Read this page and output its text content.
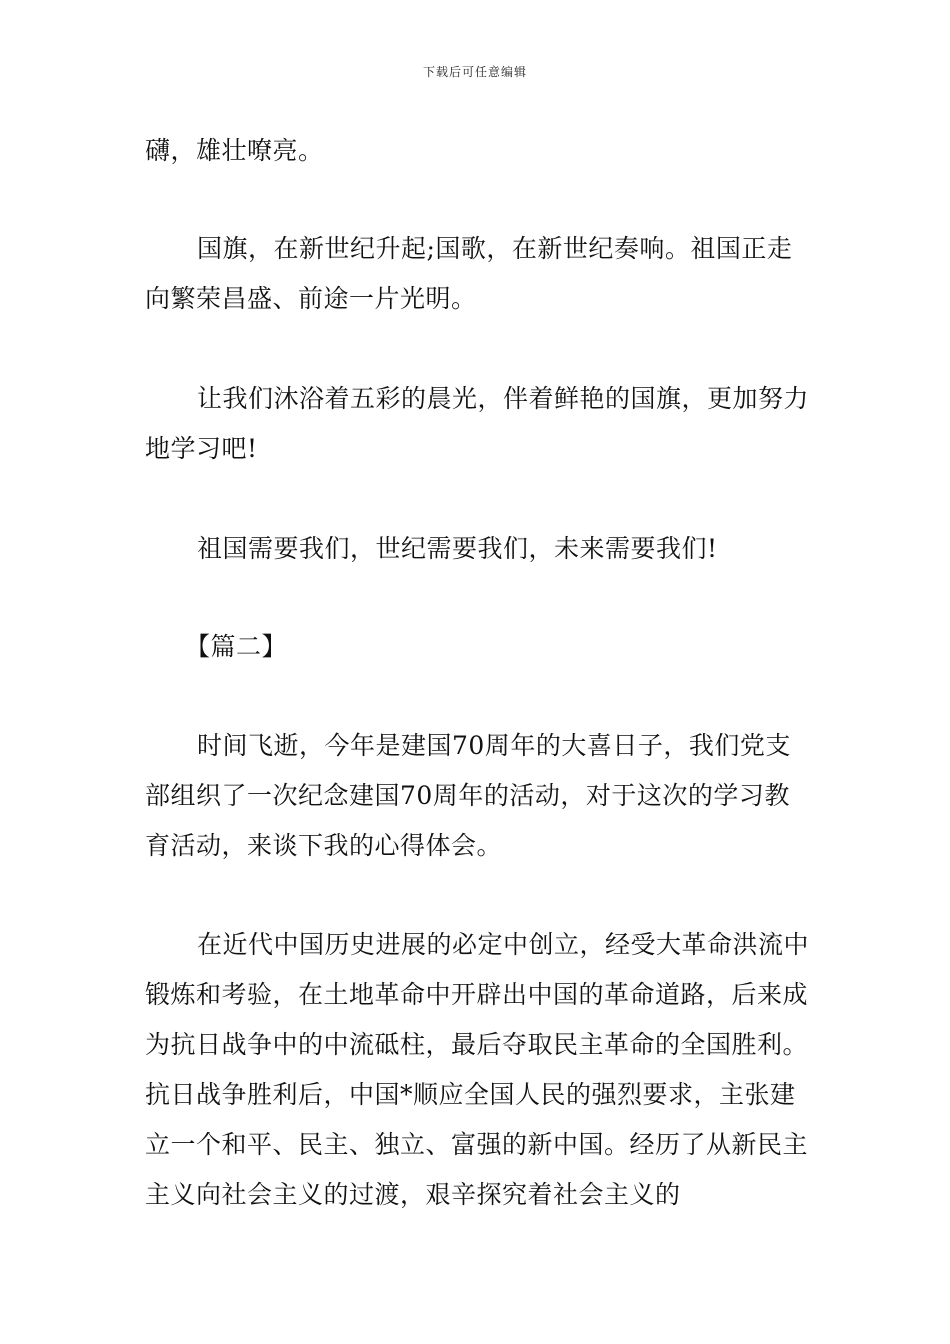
下载后可任意编辑

礴，雄壮嘹亮。

国旗，在新世纪升起;国歌，在新世纪奏响。祖国正走向繁荣昌盛、前途一片光明。

让我们沐浴着五彩的晨光，伴着鲜艳的国旗，更加努力地学习吧!

祖国需要我们，世纪需要我们，未来需要我们!

【篇二】

时间飞逝，今年是建国70周年的大喜日子，我们党支部组织了一次纪念建国70周年的活动，对于这次的学习教育活动，来谈下我的心得体会。

在近代中国历史进展的必定中创立，经受大革命洪流中锻炼和考验，在土地革命中开辟出中国的革命道路，后来成为抗日战争中的中流砥柱，最后夺取民主革命的全国胜利。抗日战争胜利后，中国*顺应全国人民的强烈要求，主张建立一个和平、民主、独立、富强的新中国。经历了从新民主主义向社会主义的过渡，艰辛探究着社会主义的
